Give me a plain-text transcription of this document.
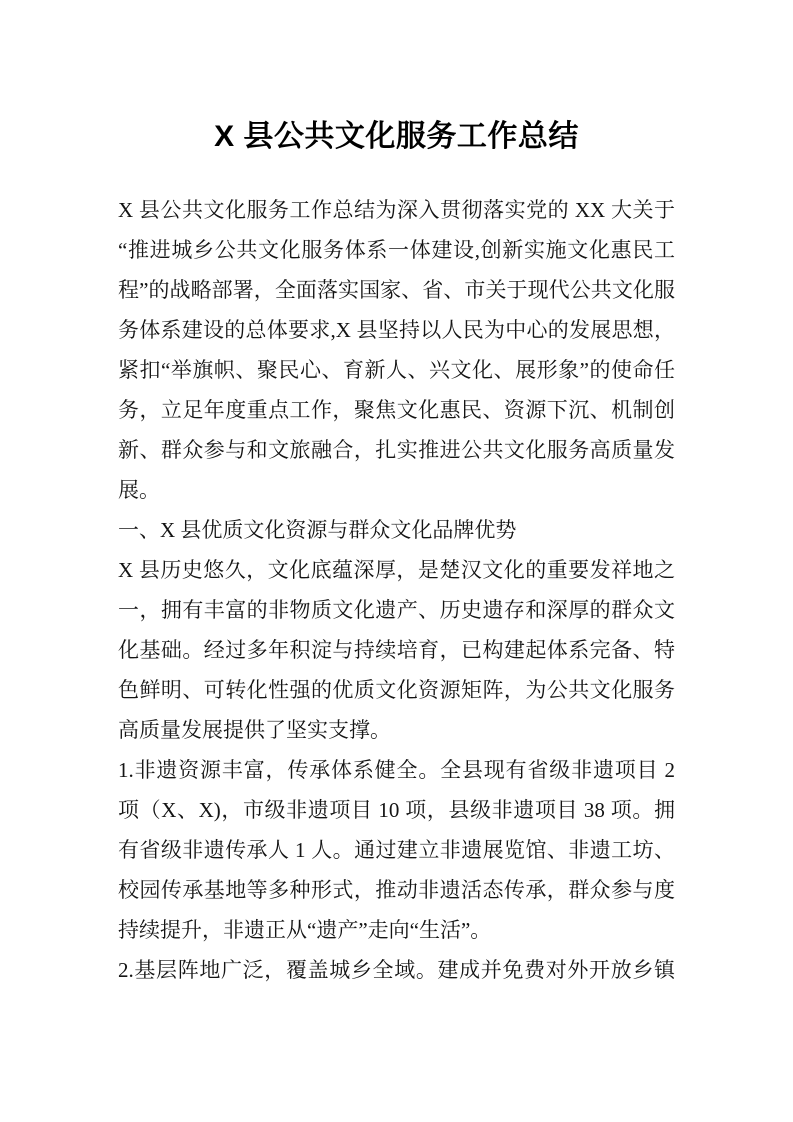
X 县公共文化服务工作总结
X 县公共文化服务工作总结为深入贯彻落实党的 XX 大关于
“推进城乡公共文化服务体系一体建设,创新实施文化惠民工
程”的战略部署，全面落实国家、省、市关于现代公共文化服
务体系建设的总体要求,X 县坚持以人民为中心的发展思想，
紧扣“举旗帜、聚民心、育新人、兴文化、展形象”的使命任
务，立足年度重点工作，聚焦文化惠民、资源下沉、机制创
新、群众参与和文旅融合，扎实推进公共文化服务高质量发
展。
一、X 县优质文化资源与群众文化品牌优势
X 县历史悠久，文化底蕴深厚，是楚汉文化的重要发祥地之
一，拥有丰富的非物质文化遗产、历史遗存和深厚的群众文
化基础。经过多年积淀与持续培育，已构建起体系完备、特
色鲜明、可转化性强的优质文化资源矩阵，为公共文化服务
高质量发展提供了坚实支撑。
1.非遗资源丰富，传承体系健全。全县现有省级非遗项目 2
项（X、X)，市级非遗项目 10 项，县级非遗项目 38 项。拥
有省级非遗传承人 1 人。通过建立非遗展览馆、非遗工坊、
校园传承基地等多种形式，推动非遗活态传承，群众参与度
持续提升，非遗正从“遗产”走向“生活”。
2.基层阵地广泛，覆盖城乡全域。建成并免费对外开放乡镇
